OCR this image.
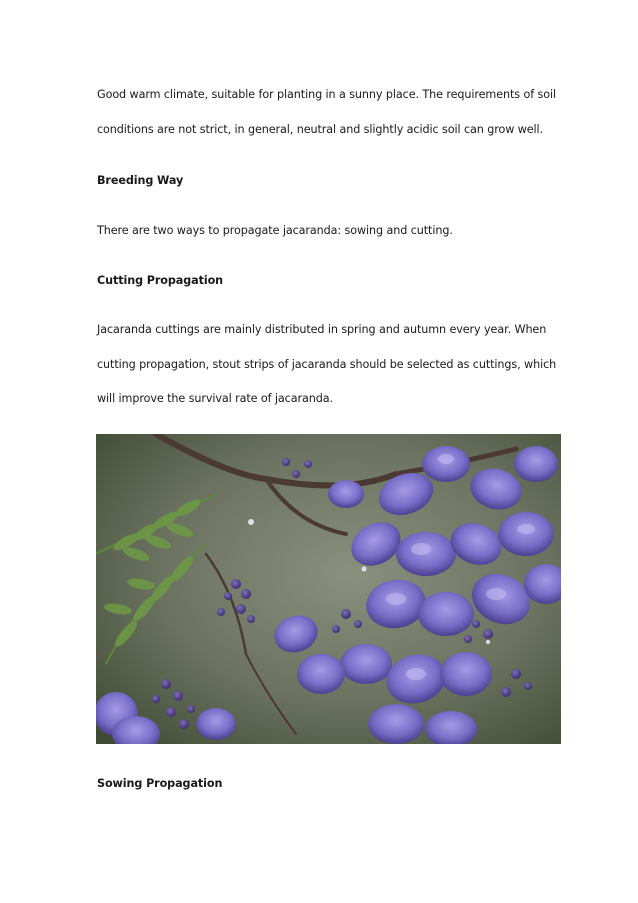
Good warm climate, suitable for planting in a sunny place. The requirements of soil
conditions are not strict, in general, neutral and slightly acidic soil can grow well.
Breeding Way
There are two ways to propagate jacaranda: sowing and cutting.
Cutting Propagation
Jacaranda cuttings are mainly distributed in spring and autumn every year. When
cutting propagation, stout strips of jacaranda should be selected as cuttings, which
will improve the survival rate of jacaranda.
Sowing Propagation
